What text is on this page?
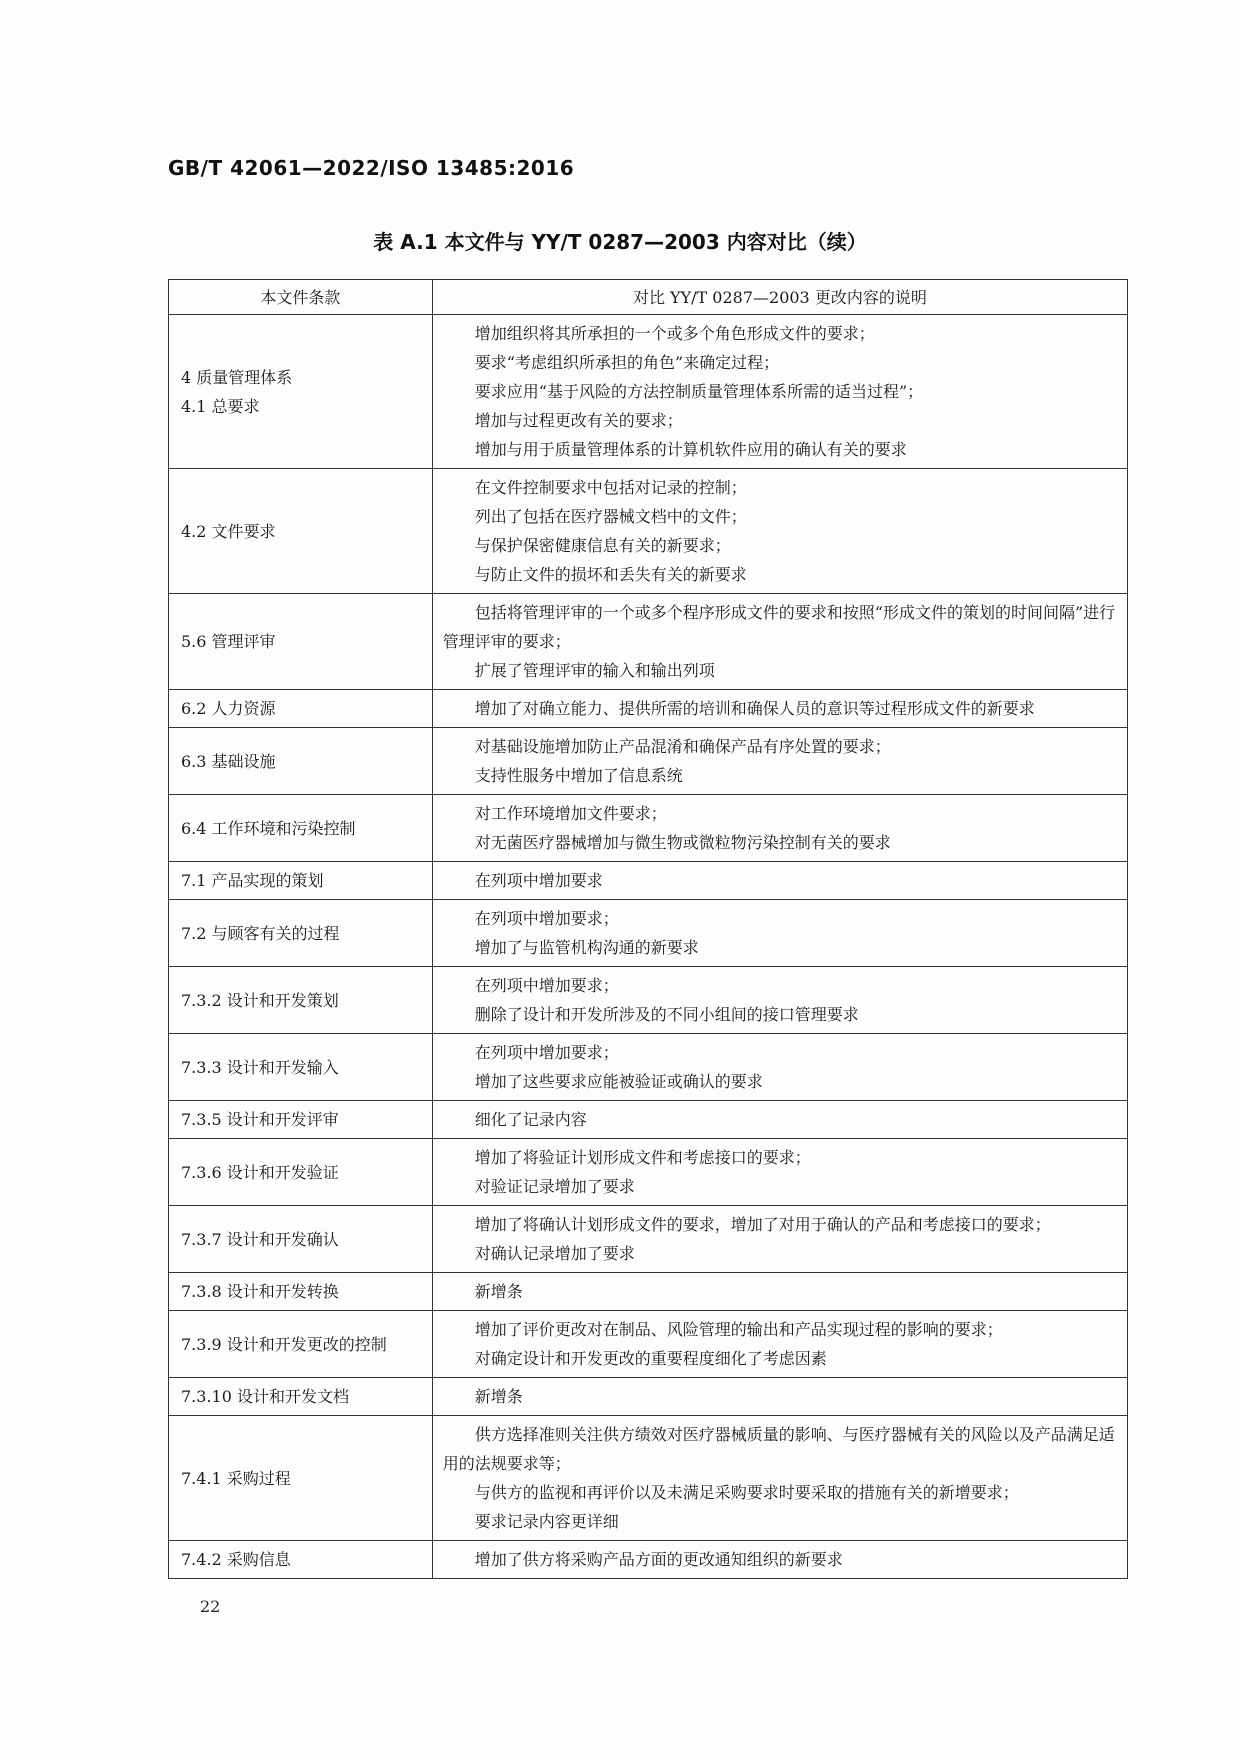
GB/T 42061—2022/ISO 13485:2016
表 A.1 本文件与 YY/T 0287—2003 内容对比（续）
本文件条款	对比 YY/T 0287—2003 更改内容的说明

4 质量管理体系
4.1 总要求	增加组织将其所承担的一个或多个角色形成文件的要求；
要求“考虑组织所承担的角色”来确定过程；
要求应用“基于风险的方法控制质量管理体系所需的适当过程”；
增加与过程更改有关的要求；
增加与用于质量管理体系的计算机软件应用的确认有关的要求

4.2 文件要求	在文件控制要求中包括对记录的控制；
列出了包括在医疗器械文档中的文件；
与保护保密健康信息有关的新要求；
与防止文件的损坏和丢失有关的新要求

5.6 管理评审	包括将管理评审的一个或多个程序形成文件的要求和按照“形成文件的策划的时间间隔”进行管理评审的要求；
扩展了管理评审的输入和输出列项

6.2 人力资源	增加了对确立能力、提供所需的培训和确保人员的意识等过程形成文件的新要求

6.3 基础设施	对基础设施增加防止产品混淆和确保产品有序处置的要求；
支持性服务中增加了信息系统

6.4 工作环境和污染控制	对工作环境增加文件要求；
对无菌医疗器械增加与微生物或微粒物污染控制有关的要求

7.1 产品实现的策划	在列项中增加要求

7.2 与顾客有关的过程	在列项中增加要求；
增加了与监管机构沟通的新要求

7.3.2 设计和开发策划	在列项中增加要求；
删除了设计和开发所涉及的不同小组间的接口管理要求

7.3.3 设计和开发输入	在列项中增加要求；
增加了这些要求应能被验证或确认的要求

7.3.5 设计和开发评审	细化了记录内容

7.3.6 设计和开发验证	增加了将验证计划形成文件和考虑接口的要求；
对验证记录增加了要求

7.3.7 设计和开发确认	增加了将确认计划形成文件的要求，增加了对用于确认的产品和考虑接口的要求；
对确认记录增加了要求

7.3.8 设计和开发转换	新增条

7.3.9 设计和开发更改的控制	增加了评价更改对在制品、风险管理的输出和产品实现过程的影响的要求；
对确定设计和开发更改的重要程度细化了考虑因素

7.3.10 设计和开发文档	新增条

7.4.1 采购过程	供方选择准则关注供方绩效对医疗器械质量的影响、与医疗器械有关的风险以及产品满足适用的法规要求等；
与供方的监视和再评价以及未满足采购要求时要采取的措施有关的新增要求；
要求记录内容更详细

7.4.2 采购信息	增加了供方将采购产品方面的更改通知组织的新要求
22
